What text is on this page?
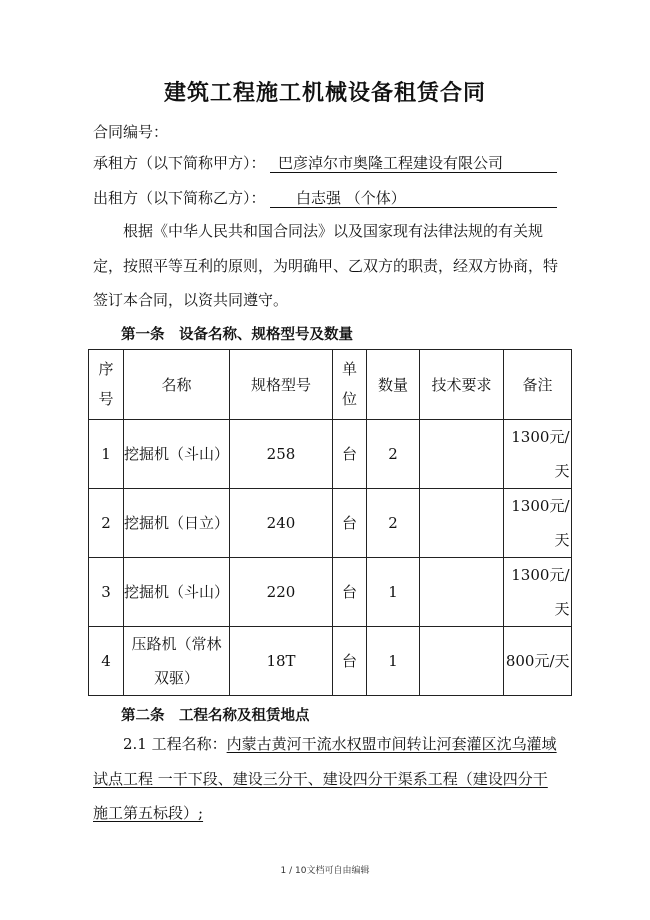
建筑工程施工机械设备租赁合同
合同编号：
承租方（以下简称甲方）： 巴彦淖尔市奥隆工程建设有限公司
出租方（以下简称乙方）：	白志强 （个体）
根据《中华人民共和国合同法》以及国家现有法律法规的有关规定，按照平等互利的原则，为明确甲、乙双方的职责，经双方协商，特签订本合同，以资共同遵守。
第一条　设备名称、规格型号及数量
序号	名称	规格型号	单位	数量	技术要求	备注
1	挖掘机（斗山）	258	台	2		1300元/天
2	挖掘机（日立）	240	台	2		1300元/天
3	挖掘机（斗山）	220	台	1		1300元/天
4	压路机（常林双驱）	18T	台	1		800元/天
第二条　工程名称及租赁地点
2.1 工程名称：内蒙古黄河干流水权盟市间转让河套灌区沈乌灌域试点工程 一干下段、建设三分干、建设四分干渠系工程（建设四分干 施工第五标段）;
1 / 10文档可自由编辑
